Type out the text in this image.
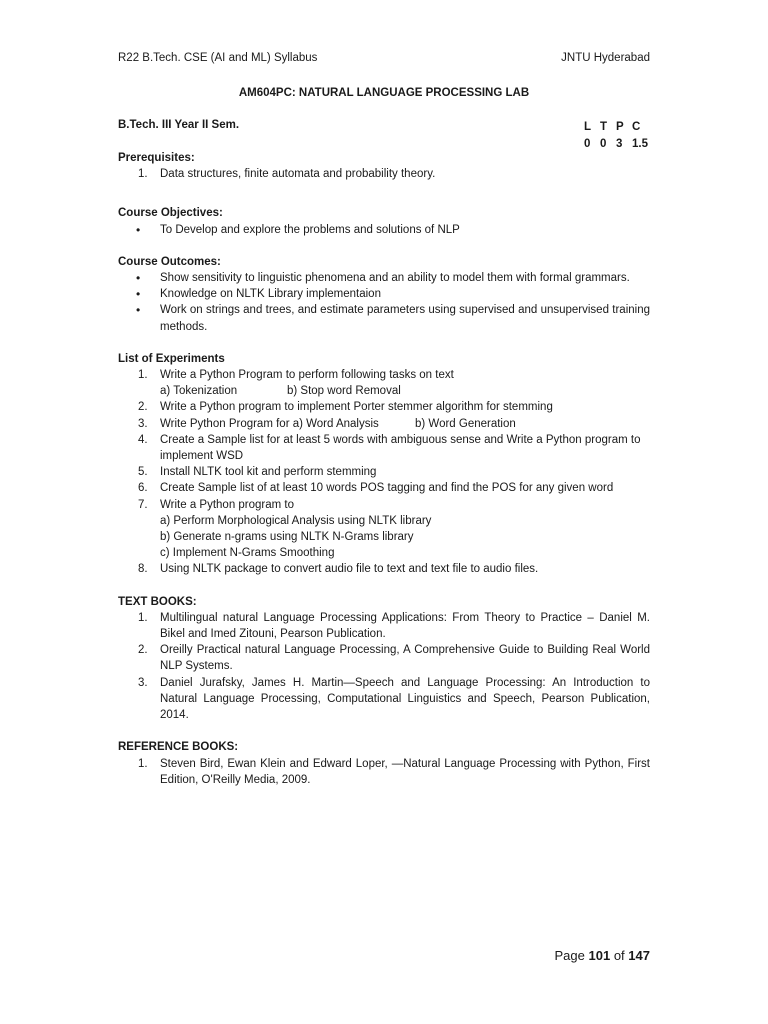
R22 B.Tech. CSE (AI and ML) Syllabus	JNTU Hyderabad
AM604PC: NATURAL LANGUAGE PROCESSING LAB
B.Tech. III Year II Sem.	L T P C
0 0 3 1.5
Prerequisites:
1. Data structures, finite automata and probability theory.
Course Objectives:
• To Develop and explore the problems and solutions of NLP
Course Outcomes:
• Show sensitivity to linguistic phenomena and an ability to model them with formal grammars.
• Knowledge on NLTK Library implementaion
• Work on strings and trees, and estimate parameters using supervised and unsupervised training methods.
List of Experiments
1. Write a Python Program to perform following tasks on text
a) Tokenization	b) Stop word Removal
2. Write a Python program to implement Porter stemmer algorithm for stemming
3. Write Python Program for a) Word Analysis	b) Word Generation
4. Create a Sample list for at least 5 words with ambiguous sense and Write a Python program to implement WSD
5. Install NLTK tool kit and perform stemming
6. Create Sample list of at least 10 words POS tagging and find the POS for any given word
7. Write a Python program to
a) Perform Morphological Analysis using NLTK library
b) Generate n-grams using NLTK N-Grams library
c) Implement N-Grams Smoothing
8. Using NLTK package to convert audio file to text and text file to audio files.
TEXT BOOKS:
1. Multilingual natural Language Processing Applications: From Theory to Practice – Daniel M. Bikel and Imed Zitouni, Pearson Publication.
2. Oreilly Practical natural Language Processing, A Comprehensive Guide to Building Real World NLP Systems.
3. Daniel Jurafsky, James H. Martin—Speech and Language Processing: An Introduction to Natural Language Processing, Computational Linguistics and Speech, Pearson Publication, 2014.
REFERENCE BOOKS:
1. Steven Bird, Ewan Klein and Edward Loper, —Natural Language Processing with Python, First Edition, O'Reilly Media, 2009.
Page 101 of 147
